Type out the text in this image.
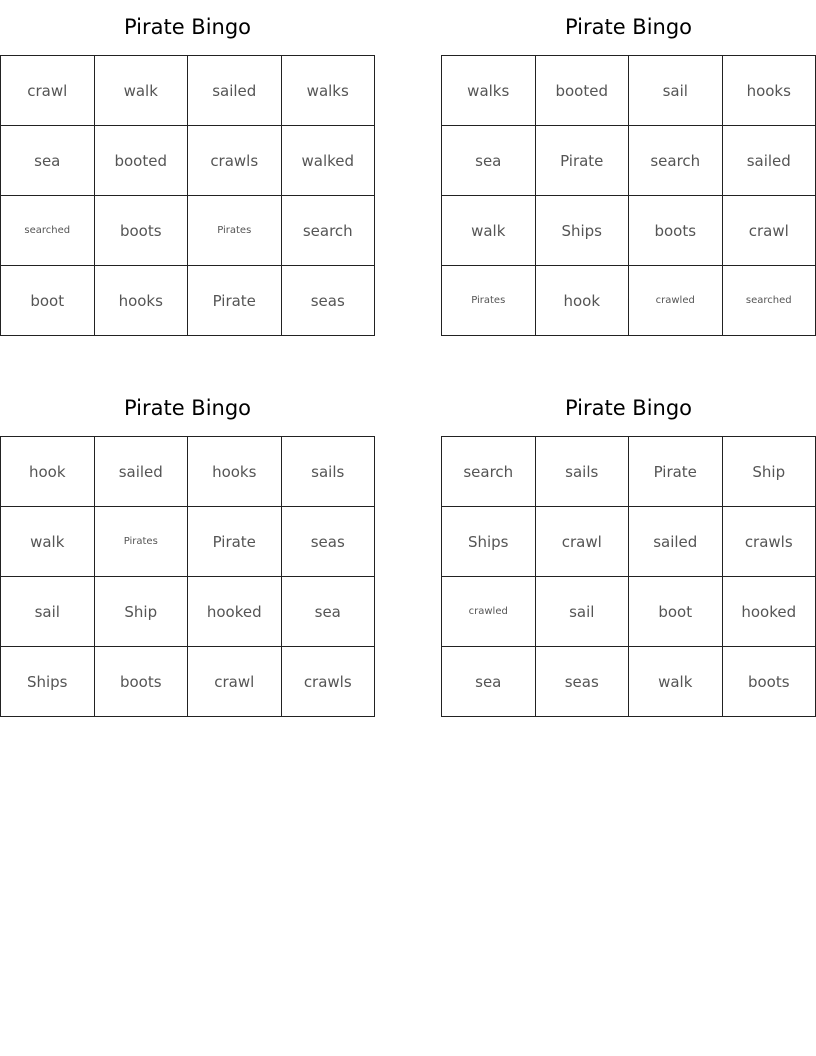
Pirate Bingo
crawl	walk	sailed	walks
sea	booted	crawls	walked
searched	boots	Pirates	search
boot	hooks	Pirate	seas
Pirate Bingo
walks	booted	sail	hooks
sea	Pirate	search	sailed
walk	Ships	boots	crawl
Pirates	hook	crawled	searched
Pirate Bingo
hook	sailed	hooks	sails
walk	Pirates	Pirate	seas
sail	Ship	hooked	sea
Ships	boots	crawl	crawls
Pirate Bingo
search	sails	Pirate	Ship
Ships	crawl	sailed	crawls
crawled	sail	boot	hooked
sea	seas	walk	boots
